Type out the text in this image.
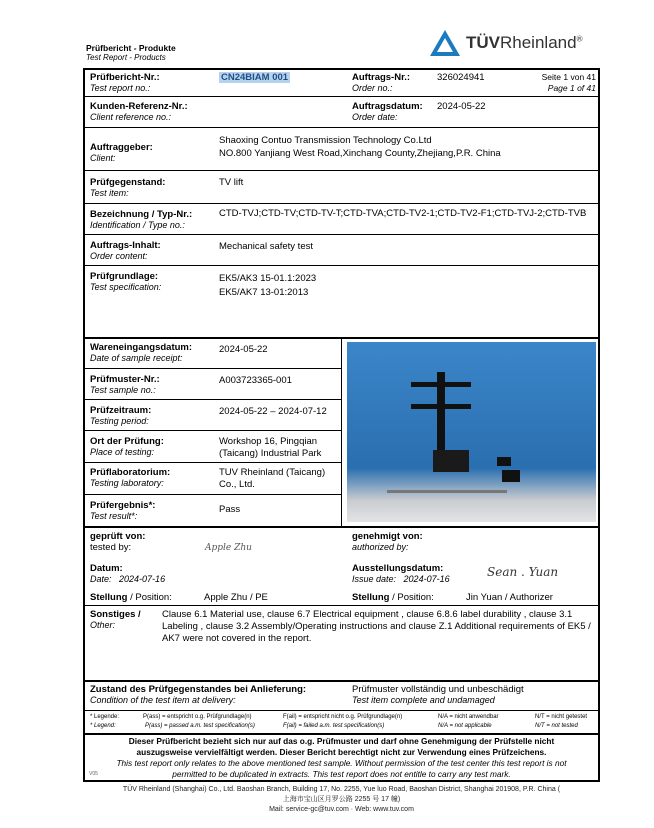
Prüfbericht - Produkte
Test Report - Products
TÜVRheinland®
Prüfbericht-Nr.:
Test report no.:
CN24BIAM 001	Auftrags-Nr.:
Order no.:
326024941	Seite 1 von 41
Page 1 of 41
Kunden-Referenz-Nr.:
Client reference no.:
Auftragsdatum:
Order date:
2024-05-22
Auftraggeber:
Client:
Shaoxing Contuo Transmission Technology Co.Ltd
NO.800 Yanjiang West Road,Xinchang County,Zhejiang,P.R. China
Prüfgegenstand:
Test item:
TV lift
Bezeichnung / Typ-Nr.:
Identification / Type no.:
CTD-TVJ;CTD-TV;CTD-TV-T;CTD-TVA;CTD-TV2-1;CTD-TV2-F1;CTD-TVJ-2;CTD-TVB
Auftrags-Inhalt:
Order content:
Mechanical safety test
Prüfgrundlage:
Test specification:
EK5/AK3 15-01.1:2023
EK5/AK7 13-01:2013
Wareneingangsdatum:
Date of sample receipt:
2024-05-22
Prüfmuster-Nr.:
Test sample no.:
A003723365-001
Prüfzeitraum:
Testing period:
2024-05-22 – 2024-07-12
Ort der Prüfung:
Place of testing:
Workshop 16, Pingqian
(Taicang) Industrial Park
Prüflaboratorium:
Testing laboratory:
TUV Rheinland (Taicang)
Co., Ltd.
Prüfergebnis*:
Test result*:
Pass
geprüft von:
tested by:	Apple Zhu
Datum:
Date: 2024-07-16
Stellung / Position:	Apple Zhu / PE
genehmigt von:
authorized by:
Sean . Yuan
Ausstellungsdatum:
Issue date: 2024-07-16
Stellung / Position:	Jin Yuan / Authorizer
Sonstiges /
Other:
Clause 6.1 Material use, clause 6.7 Electrical equipment , clause 6.8.6 label durability , clause 3.1 Labeling , clause 3.2 Assembly/Operating instructions and clause Z.1 Additional requirements of EK5 / AK7 were not covered in the report.
Zustand des Prüfgegenstandes bei Anlieferung:
Condition of the test item at delivery:
Prüfmuster vollständig und unbeschädigt
Test item complete and undamaged
* Legende:	P(ass) = entspricht o.g. Prüfgrundlage(n)	F(ail) = entspricht nicht o.g. Prüfgrundlage(n)	N/A = nicht anwendbar	N/T = nicht getestet
* Legend:	P(ass) = passed a.m. test specification(s)	F(ail) = failed a.m. test specification(s)	N/A = not applicable	N/T = not tested
Dieser Prüfbericht bezieht sich nur auf das o.g. Prüfmuster und darf ohne Genehmigung der Prüfstelle nicht
auszugsweise vervielfältigt werden. Dieser Bericht berechtigt nicht zur Verwendung eines Prüfzeichens.
This test report only relates to the above mentioned test sample. Without permission of the test center this test report is not
permitted to be duplicated in extracts. This test report does not entitle to carry any test mark.
V05
TÜV Rheinland (Shanghai) Co., Ltd. Baoshan Branch, Building 17, No. 2255, Yue luo Road, Baoshan District, Shanghai 201908, P.R. China (
上海市宝山区月罗公路 2255 号 17 幢)
Mail: service-gc@tuv.com · Web: www.tuv.com
